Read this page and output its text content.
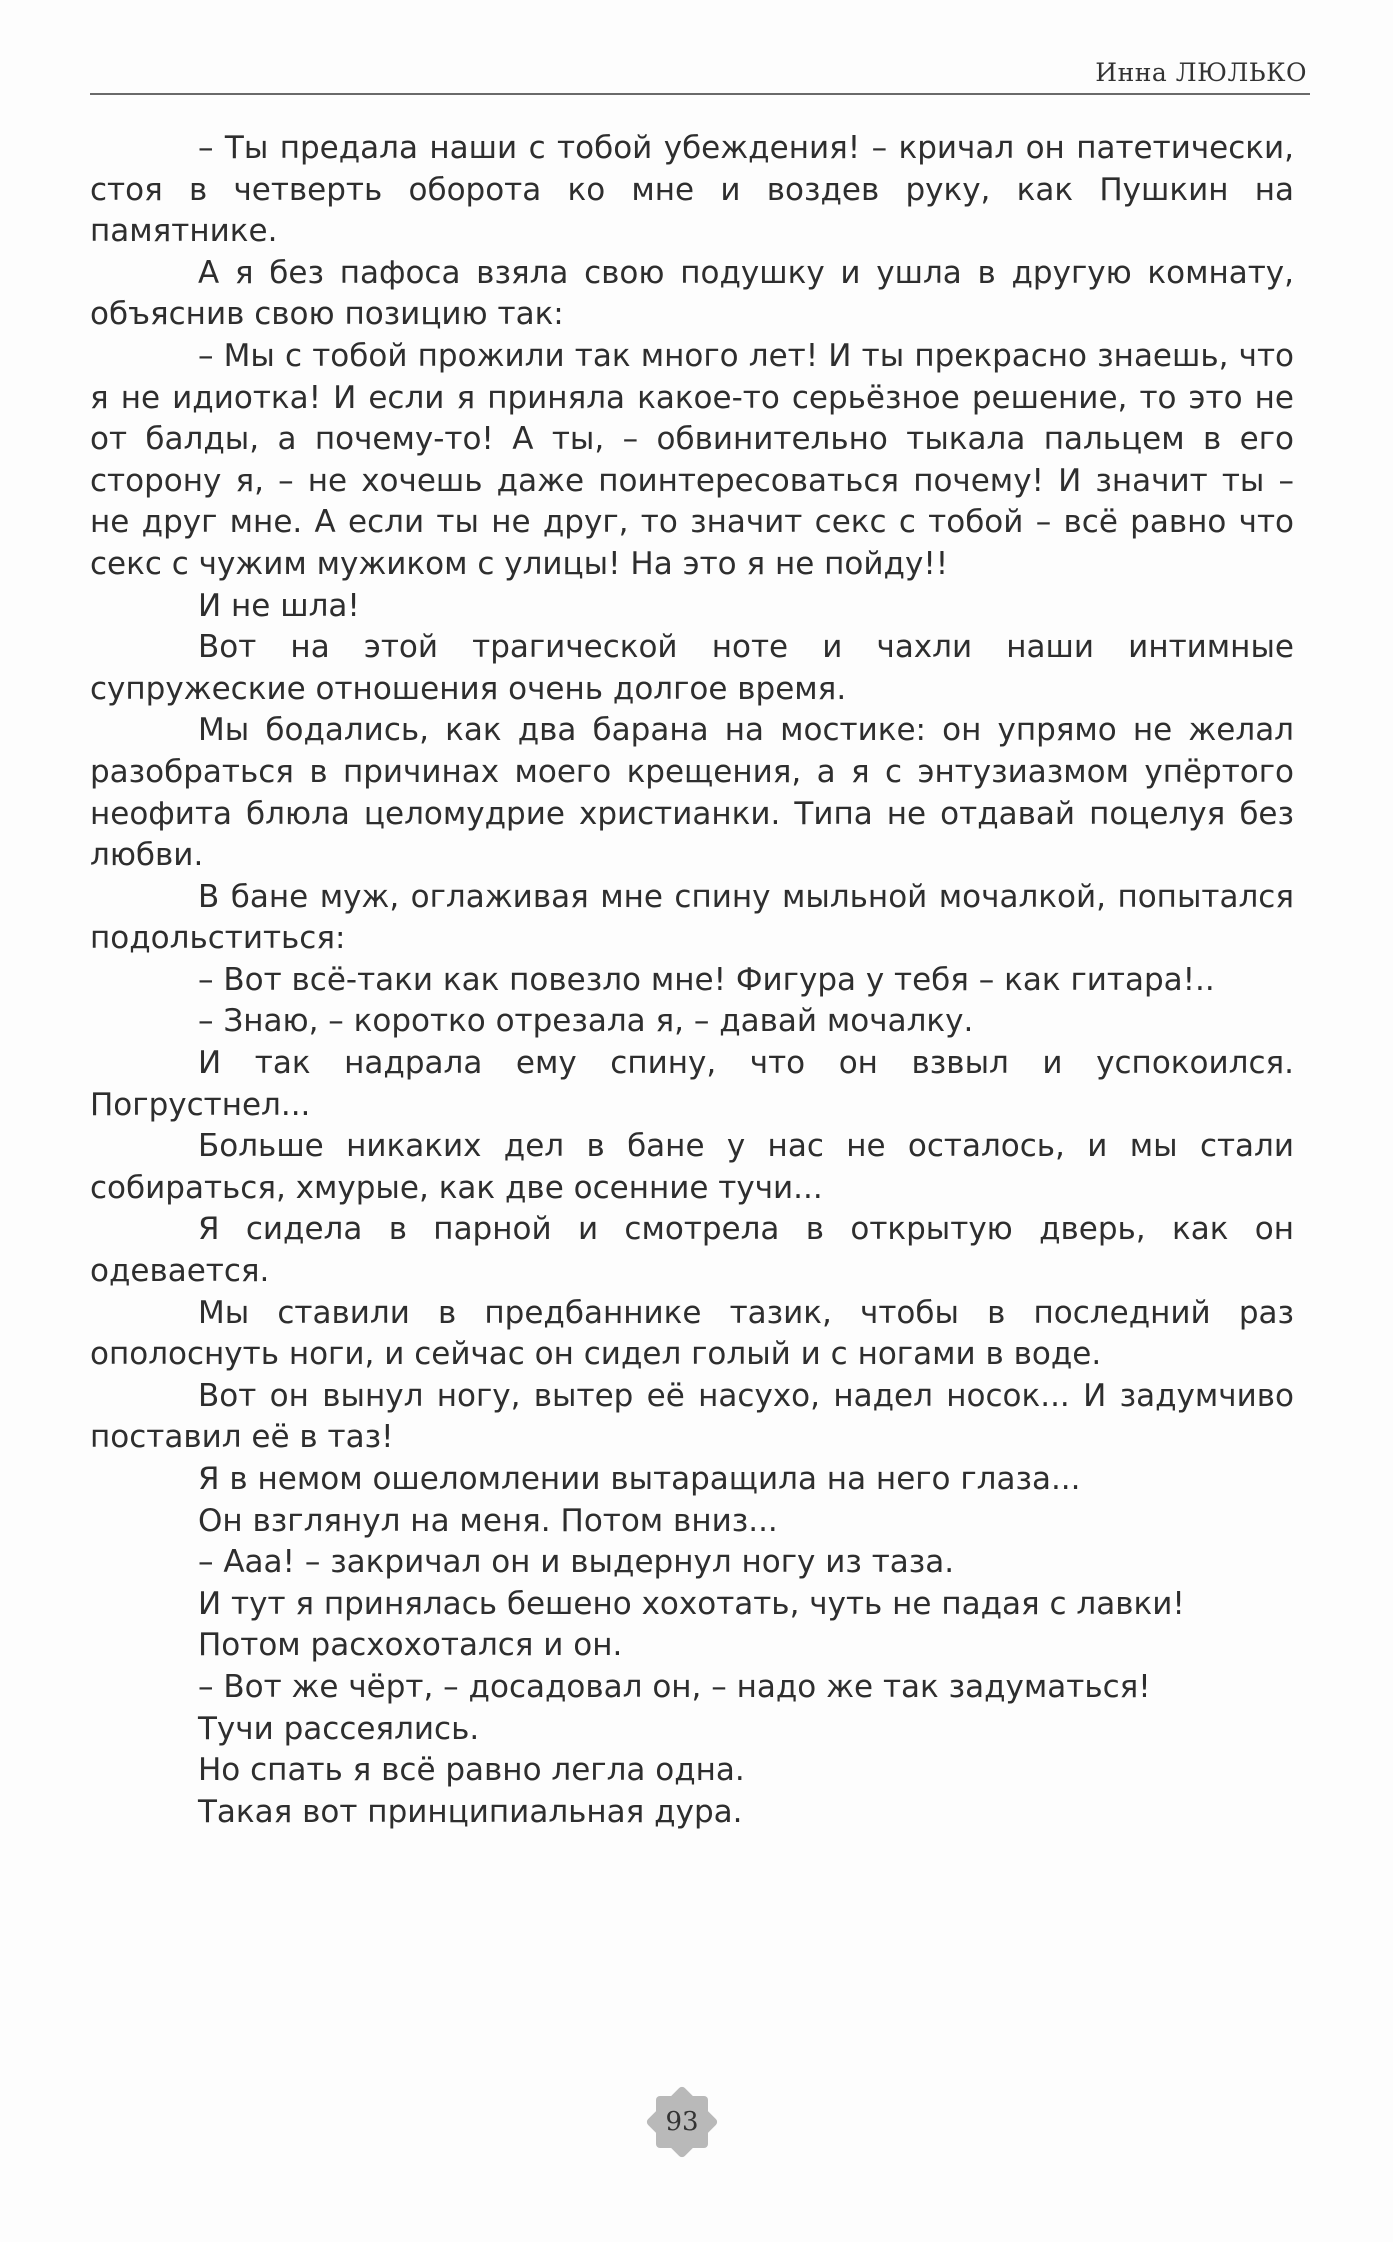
Инна ЛЮЛЬКО

– Ты предала наши с тобой убеждения! – кричал он патетически, стоя в четверть оборота ко мне и воздев руку, как Пушкин на памятнике.

А я без пафоса взяла свою подушку и ушла в другую комнату, объяснив свою позицию так:

– Мы с тобой прожили так много лет! И ты прекрасно знаешь, что я не идиотка! И если я приняла какое-то серьёзное решение, то это не от балды, а почему-то! А ты, – обвинительно тыкала пальцем в его сторону я, – не хочешь даже поинтересоваться почему! И значит ты – не друг мне. А если ты не друг, то значит секс с тобой – всё равно что секс с чужим мужиком с улицы! На это я не пойду!!

И не шла!

Вот на этой трагической ноте и чахли наши интимные супружеские отношения очень долгое время.

Мы бодались, как два барана на мостике: он упрямо не желал разобраться в причинах моего крещения, а я с энтузиазмом упёртого неофита блюла целомудрие христианки. Типа не отдавай поцелуя без любви.

В бане муж, оглаживая мне спину мыльной мочалкой, попытался подольститься:

– Вот всё-таки как повезло мне! Фигура у тебя – как гитара!..

– Знаю, – коротко отрезала я, – давай мочалку.

И так надрала ему спину, что он взвыл и успокоился. Погрустнел...

Больше никаких дел в бане у нас не осталось, и мы стали собираться, хмурые, как две осенние тучи...

Я сидела в парной и смотрела в открытую дверь, как он одевается.

Мы ставили в предбаннике тазик, чтобы в последний раз ополоснуть ноги, и сейчас он сидел голый и с ногами в воде.

Вот он вынул ногу, вытер её насухо, надел носок... И задумчиво поставил её в таз!

Я в немом ошеломлении вытаращила на него глаза...

Он взглянул на меня. Потом вниз...

– Ааа! – закричал он и выдернул ногу из таза.

И тут я принялась бешено хохотать, чуть не падая с лавки!

Потом расхохотался и он.

– Вот же чёрт, – досадовал он, – надо же так задуматься!

Тучи рассеялись.

Но спать я всё равно легла одна.

Такая вот принципиальная дура.

93
